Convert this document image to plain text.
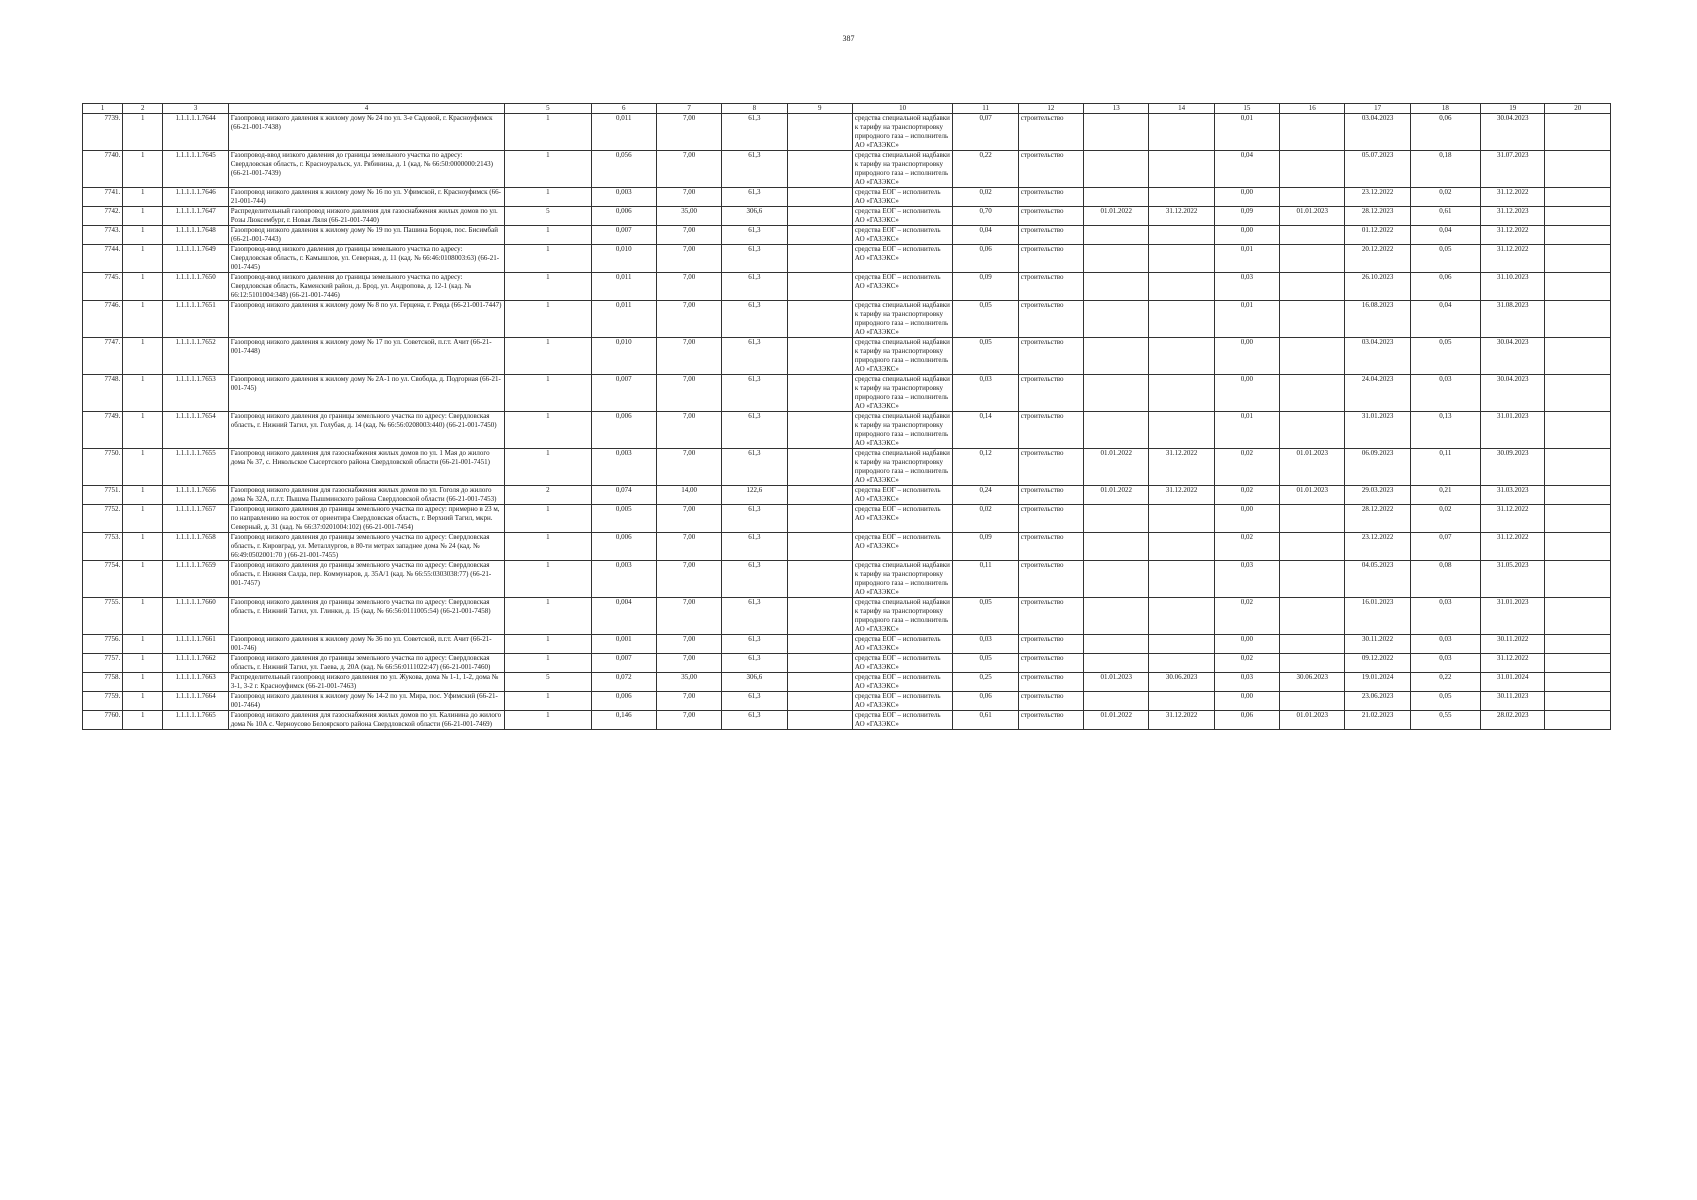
387
1	2	3	4	5	6	7	8	9	10	11	12	13	14	15	16	17	18	19	20
7739.	1	1.1.1.1.1.7644	Газопровод низкого давления к жилому дому № 24 по ул. 3-е Садовой, г. Красноуфимск (66-21-001-7438)	1	0,011	7,00	61,3		средства специальной надбавки к тарифу на транспортировку природного газа – исполнитель АО «ГАЗЭКС»	0,07	строительство			0,01		03.04.2023	0,06	30.04.2023	
7740.	1	1.1.1.1.1.7645	Газопровод-ввод низкого давления до границы земельного участка по адресу: Свердловская область, г. Красноуральск, ул. Рябинина, д. 1 (кад. № 66:50:0000000:2143) (66-21-001-7439)	1	0,056	7,00	61,3		средства специальной надбавки к тарифу на транспортировку природного газа – исполнитель АО «ГАЗЭКС»	0,22	строительство			0,04		05.07.2023	0,18	31.07.2023	
7741.	1	1.1.1.1.1.7646	Газопровод низкого давления к жилому дому № 16 по ул. Уфимской, г. Красноуфимск (66-21-001-744)	1	0,003	7,00	61,3		средства ЕОГ – исполнитель АО «ГАЗЭКС»	0,02	строительство			0,00		23.12.2022	0,02	31.12.2022	
7742.	1	1.1.1.1.1.7647	Распределительный газопровод низкого давления для газоснабжения жилых домов по ул. Розы Люксембург, г. Новая Ляля (66-21-001-7440)	5	0,006	35,00	306,6		средства ЕОГ – исполнитель АО «ГАЗЭКС»	0,70	строительство	01.01.2022	31.12.2022	0,09	01.01.2023	28.12.2023	0,61	31.12.2023	
7743.	1	1.1.1.1.1.7648	Газопровод низкого давления к жилому дому № 19 по ул. Пашина Борцов, пос. Бисимбай (66-21-001-7443)	1	0,007	7,00	61,3		средства ЕОГ – исполнитель АО «ГАЗЭКС»	0,04	строительство			0,00		01.12.2022	0,04	31.12.2022	
7744.	1	1.1.1.1.1.7649	Газопровод-ввод низкого давления до границы земельного участка по адресу: Свердловская область, г. Камышлов, ул. Северная, д. 11 (кад. № 66:46:0108003:63) (66-21-001-7445)	1	0,010	7,00	61,3		средства ЕОГ – исполнитель АО «ГАЗЭКС»	0,06	строительство			0,01		20.12.2022	0,05	31.12.2022	
7745.	1	1.1.1.1.1.7650	Газопровод-ввод низкого давления до границы земельного участка по адресу: Свердловская область, Каменский район, д. Брод, ул. Андропова, д. 12-1 (кад. № 66:12:5101004:348) (66-21-001-7446)	1	0,011	7,00	61,3		средства ЕОГ – исполнитель АО «ГАЗЭКС»	0,09	строительство			0,03		26.10.2023	0,06	31.10.2023	
7746.	1	1.1.1.1.1.7651	Газопровод низкого давления к жилому дому № 8 по ул. Герцена, г. Ревда (66-21-001-7447)	1	0,011	7,00	61,3		средства специальной надбавки к тарифу на транспортировку природного газа – исполнитель АО «ГАЗЭКС»	0,05	строительство			0,01		16.08.2023	0,04	31.08.2023	
7747.	1	1.1.1.1.1.7652	Газопровод низкого давления к жилому дому № 17 по ул. Советской, п.г.т. Ачит (66-21-001-7448)	1	0,010	7,00	61,3		средства специальной надбавки к тарифу на транспортировку природного газа – исполнитель АО «ГАЗЭКС»	0,05	строительство			0,00		03.04.2023	0,05	30.04.2023	
7748.	1	1.1.1.1.1.7653	Газопровод низкого давления к жилому дому № 2А-1 по ул. Свобода, д. Подгорная (66-21-001-745)	1	0,007	7,00	61,3		средства специальной надбавки к тарифу на транспортировку природного газа – исполнитель АО «ГАЗЭКС»	0,03	строительство			0,00		24.04.2023	0,03	30.04.2023	
7749.	1	1.1.1.1.1.7654	Газопровод низкого давления до границы земельного участка по адресу: Свердловская область, г. Нижний Тагил, ул. Голубая, д. 14 (кад. № 66:56:0208003:440) (66-21-001-7450)	1	0,006	7,00	61,3		средства специальной надбавки к тарифу на транспортировку природного газа – исполнитель АО «ГАЗЭКС»	0,14	строительство			0,01		31.01.2023	0,13	31.01.2023	
7750.	1	1.1.1.1.1.7655	Газопровод низкого давления для газоснабжения жилых домов по ул. 1 Мая до жилого дома № 37, с. Никольское Сысертского района Свердловской области (66-21-001-7451)	1	0,003	7,00	61,3		средства специальной надбавки к тарифу на транспортировку природного газа – исполнитель АО «ГАЗЭКС»	0,12	строительство	01.01.2022	31.12.2022	0,02	01.01.2023	06.09.2023	0,11	30.09.2023	
7751.	1	1.1.1.1.1.7656	Газопровод низкого давления для газоснабжения жилых домов по ул. Гоголя до жилого дома № 32А, п.г.т. Пышма Пышминского района Свердловской области (66-21-001-7453)	2	0,074	14,00	122,6		средства ЕОГ – исполнитель АО «ГАЗЭКС»	0,24	строительство	01.01.2022	31.12.2022	0,02	01.01.2023	29.03.2023	0,21	31.03.2023	
7752.	1	1.1.1.1.1.7657	Газопровод низкого давления до границы земельного участка по адресу: примерно в 23 м, по направлению на восток от ориентира Свердловская область, г. Верхний Тагил, мкрн. Северный, д. 31 (кад. № 66:37:0201004:102) (66-21-001-7454)	1	0,005	7,00	61,3		средства ЕОГ – исполнитель АО «ГАЗЭКС»	0,02	строительство			0,00		28.12.2022	0,02	31.12.2022	
7753.	1	1.1.1.1.1.7658	Газопровод низкого давления до границы земельного участка по адресу: Свердловская область, г. Кировград, ул. Металлургов, в 80-ти метрах западнее дома № 24 (кад. № 66:49:0502001:70 ) (66-21-001-7455)	1	0,006	7,00	61,3		средства ЕОГ – исполнитель АО «ГАЗЭКС»	0,09	строительство			0,02		23.12.2022	0,07	31.12.2022	
7754.	1	1.1.1.1.1.7659	Газопровод низкого давления до границы земельного участка по адресу: Свердловская область, г. Нижняя Салда, пер. Коммунаров, д. 35А/1 (кад. № 66:55:0303038:77) (66-21-001-7457)	1	0,003	7,00	61,3		средства специальной надбавки к тарифу на транспортировку природного газа – исполнитель АО «ГАЗЭКС»	0,11	строительство			0,03		04.05.2023	0,08	31.05.2023	
7755.	1	1.1.1.1.1.7660	Газопровод низкого давления до границы земельного участка по адресу: Свердловская область, г. Нижний Тагил, ул. Глинки, д. 15 (кад. № 66:56:0111005:54) (66-21-001-7458)	1	0,004	7,00	61,3		средства специальной надбавки к тарифу на транспортировку природного газа – исполнитель АО «ГАЗЭКС»	0,05	строительство			0,02		16.01.2023	0,03	31.01.2023	
7756.	1	1.1.1.1.1.7661	Газопровод низкого давления к жилому дому № 36 по ул. Советской, п.г.т. Ачит (66-21-001-746)	1	0,001	7,00	61,3		средства ЕОГ – исполнитель АО «ГАЗЭКС»	0,03	строительство			0,00		30.11.2022	0,03	30.11.2022	
7757.	1	1.1.1.1.1.7662	Газопровод низкого давления до границы земельного участка по адресу: Свердловская область, г. Нижний Тагил, ул. Гаева, д. 20А (кад. № 66:56:0111022:47) (66-21-001-7460)	1	0,007	7,00	61,3		средства ЕОГ – исполнитель АО «ГАЗЭКС»	0,05	строительство			0,02		09.12.2022	0,03	31.12.2022	
7758.	1	1.1.1.1.1.7663	Распределительный газопровод низкого давления по ул. Жукова, дома № 1-1, 1-2, дома № 3-1, 3-2 г. Красноуфимск (66-21-001-7463)	5	0,072	35,00	306,6		средства ЕОГ – исполнитель АО «ГАЗЭКС»	0,25	строительство	01.01.2023	30.06.2023	0,03	30.06.2023	19.01.2024	0,22	31.01.2024	
7759.	1	1.1.1.1.1.7664	Газопровод низкого давления к жилому дому № 14-2 по ул. Мира, пос. Уфимский (66-21-001-7464)	1	0,006	7,00	61,3		средства ЕОГ – исполнитель АО «ГАЗЭКС»	0,06	строительство			0,00		23.06.2023	0,05	30.11.2023	
7760.	1	1.1.1.1.1.7665	Газопровод низкого давления для газоснабжения жилых домов по ул. Калинина до жилого дома № 10А с. Черноусово Белоярского района Свердловской области (66-21-001-7469)	1	0,146	7,00	61,3		средства ЕОГ – исполнитель АО «ГАЗЭКС»	0,61	строительство	01.01.2022	31.12.2022	0,06	01.01.2023	21.02.2023	0,55	28.02.2023	
